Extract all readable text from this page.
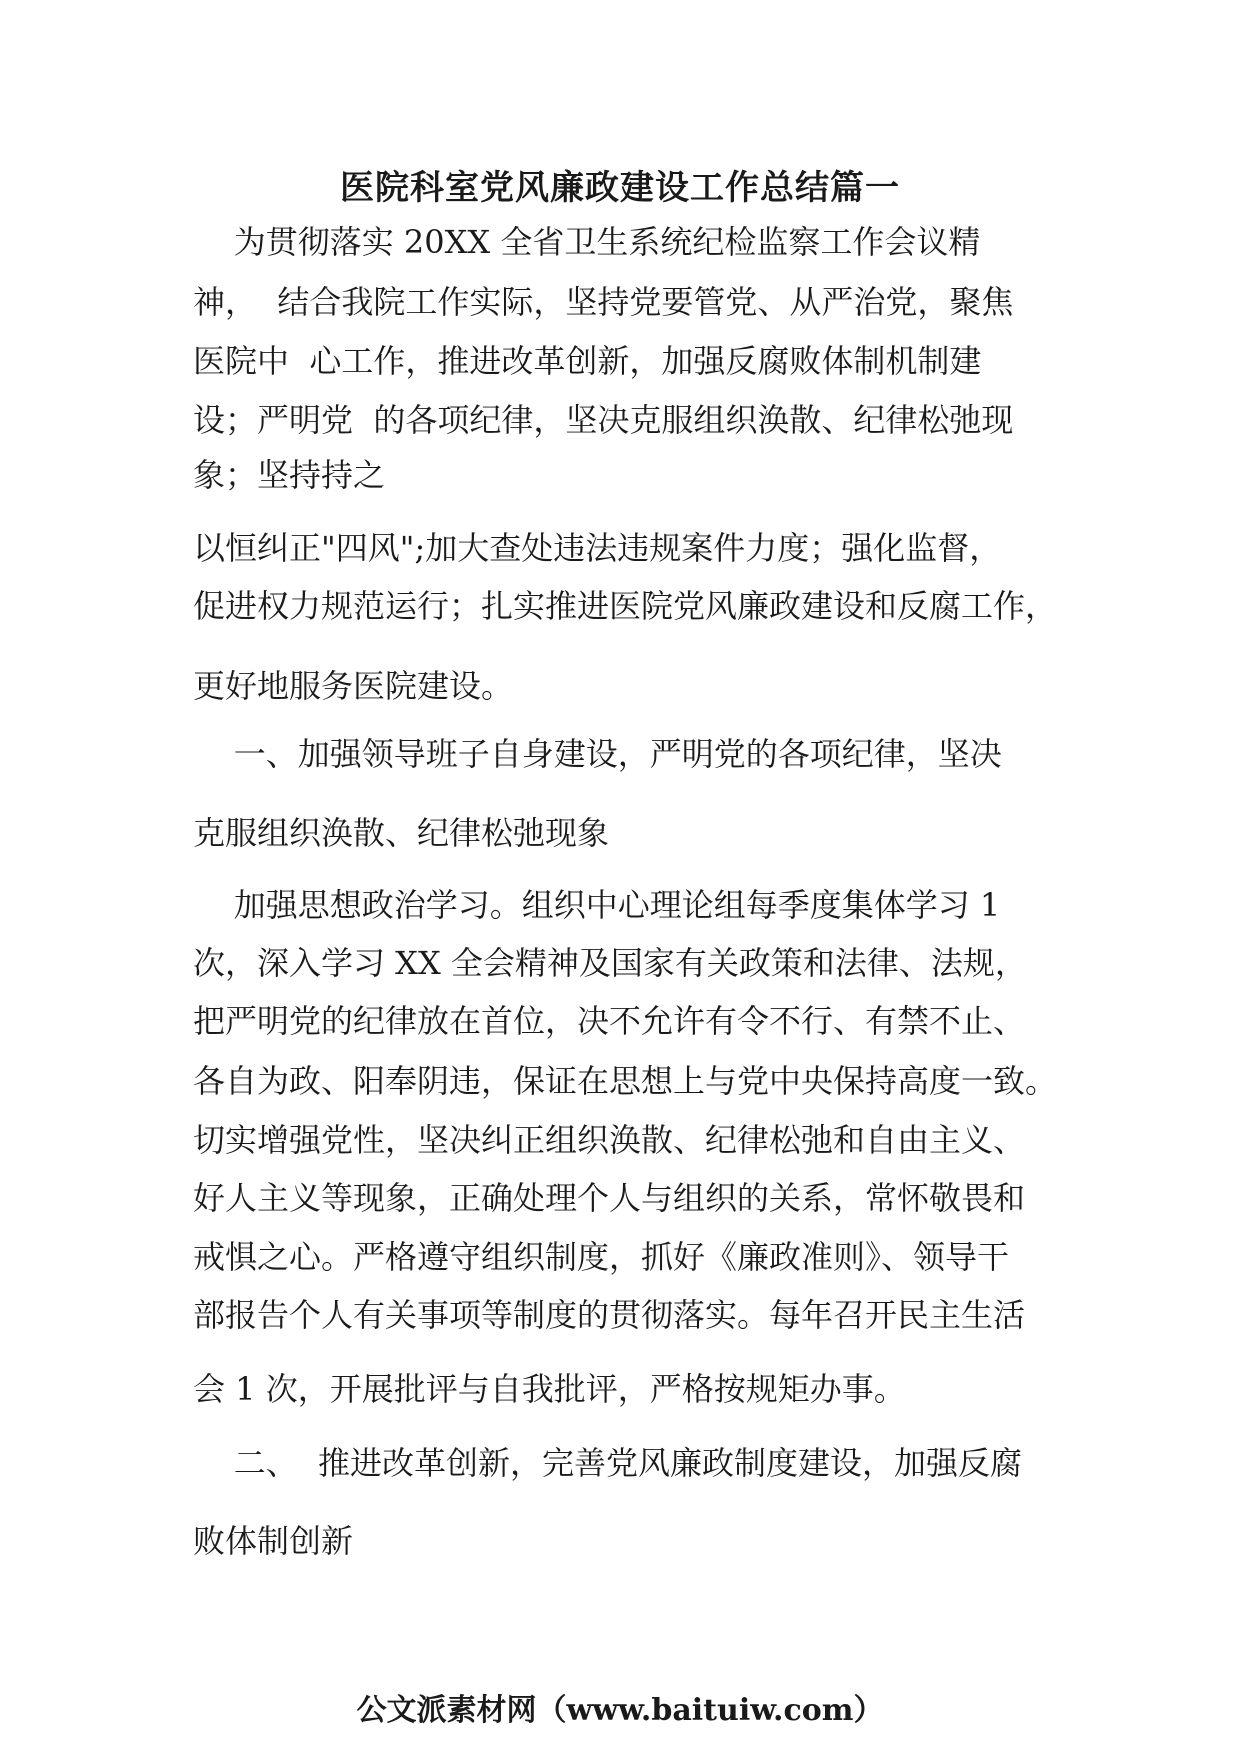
医院科室党风廉政建设工作总结篇一

为贯彻落实 20XX 全省卫生系统纪检监察工作会议精

神，  结合我院工作实际，坚持党要管党、从严治党，聚焦

医院中  心工作，推进改革创新，加强反腐败体制机制建

设；严明党  的各项纪律，坚决克服组织涣散、纪律松弛现

象；坚持持之

以恒纠正"四风";加大查处违法违规案件力度；强化监督，

促进权力规范运行；扎实推进医院党风廉政建设和反腐工作，

更好地服务医院建设。

一、加强领导班子自身建设，严明党的各项纪律，坚决

克服组织涣散、纪律松弛现象

加强思想政治学习。组织中心理论组每季度集体学习 1

次，深入学习 XX 全会精神及国家有关政策和法律、法规，

把严明党的纪律放在首位，决不允许有令不行、有禁不止、

各自为政、阳奉阴违，保证在思想上与党中央保持高度一致。

切实增强党性，坚决纠正组织涣散、纪律松弛和自由主义、

好人主义等现象，正确处理个人与组织的关系，常怀敬畏和

戒惧之心。严格遵守组织制度，抓好《廉政准则》、领导干

部报告个人有关事项等制度的贯彻落实。每年召开民主生活

会 1 次，开展批评与自我批评，严格按规矩办事。

二、  推进改革创新，完善党风廉政制度建设，加强反腐

败体制创新

公文派素材网（www.baituiw.com）
